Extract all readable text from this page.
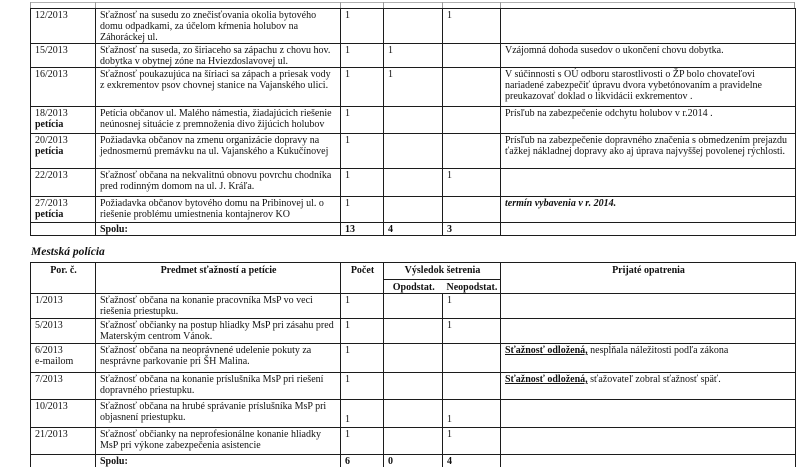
12/2013	Sťažnosť na susedu zo znečisťovania okolia bytového domu odpadkami, za účelom kŕmenia holubov na Záhoráckej ul.	1		1	

15/2013	Sťažnosť na suseda, zo širiaceho sa zápachu z chovu hov. dobytka v obytnej zóne na Hviezdoslavovej ul.	1	1		Vzájomná dohoda susedov o ukončení chovu dobytka.

16/2013	Sťažnosť poukazujúca na šíriaci sa zápach a priesak vody z exkrementov psov chovnej stanice na Vajanského ulici.	1	1		V súčinnosti s OÚ odboru starostlivosti o ŽP bolo chovateľovi nariadené zabezpečiť úpravu dvora vybetónovaním a pravidelne preukazovať doklad o likvidácii exkrementov .

18/2013
petícia	Petícia občanov ul. Malého námestia, žiadajúcich riešenie neúnosnej situácie z premnoženia divo žijúcich holubov	1			Prísľub na zabezpečenie odchytu holubov v r.2014 .

20/2013
petícia	Požiadavka občanov na zmenu organizácie dopravy na jednosmernú premávku na ul. Vajanského a Kukučínovej	1			Prísľub na zabezpečenie dopravného značenia s obmedzením prejazdu ťažkej nákladnej dopravy ako aj úprava najvyššej povolenej rýchlosti.

22/2013	Sťažnosť občana na nekvalitnú obnovu povrchu chodníka pred rodinným domom na ul. J. Kráľa.	1		1	

27/2013
petícia	Požiadavka občanov bytového domu na Pribinovej ul. o riešenie problému umiestnenia kontajnerov KO	1			termín vybavenia v r. 2014.
	Spolu:	13	4	3	
Mestská polícia
Por. č.	Predmet sťažností a petície	Počet	Výsledok šetrenia		Prijaté opatrenia
			Opodstat.	Neopodstat.	

1/2013	Sťažnosť občana na konanie pracovníka MsP vo veci riešenia priestupku.	1		1	

5/2013	Sťažnosť občianky na postup hliadky MsP pri zásahu pred Materským centrom Vánok.	1		1	

6/2013
e-mailom	Sťažnosť občana na neoprávnené udelenie pokuty za nesprávne parkovanie pri ŠH Malina.	1			Sťažnosť odložená, nespĺňala náležitosti podľa zákona

7/2013	Sťažnosť občana na konanie príslušníka MsP pri riešení dopravného priestupku.	1			Sťažnosť odložená, sťažovateľ zobral sťažnosť späť.

10/2013	Sťažnosť občana na hrubé správanie príslušníka MsP pri objasnení priestupku.	1		1	

21/2013	Sťažnosť občianky na neprofesionálne konanie hliadky MsP pri výkone zabezpečenia asistencie	1		1	
	Spolu:	6	0	4	
